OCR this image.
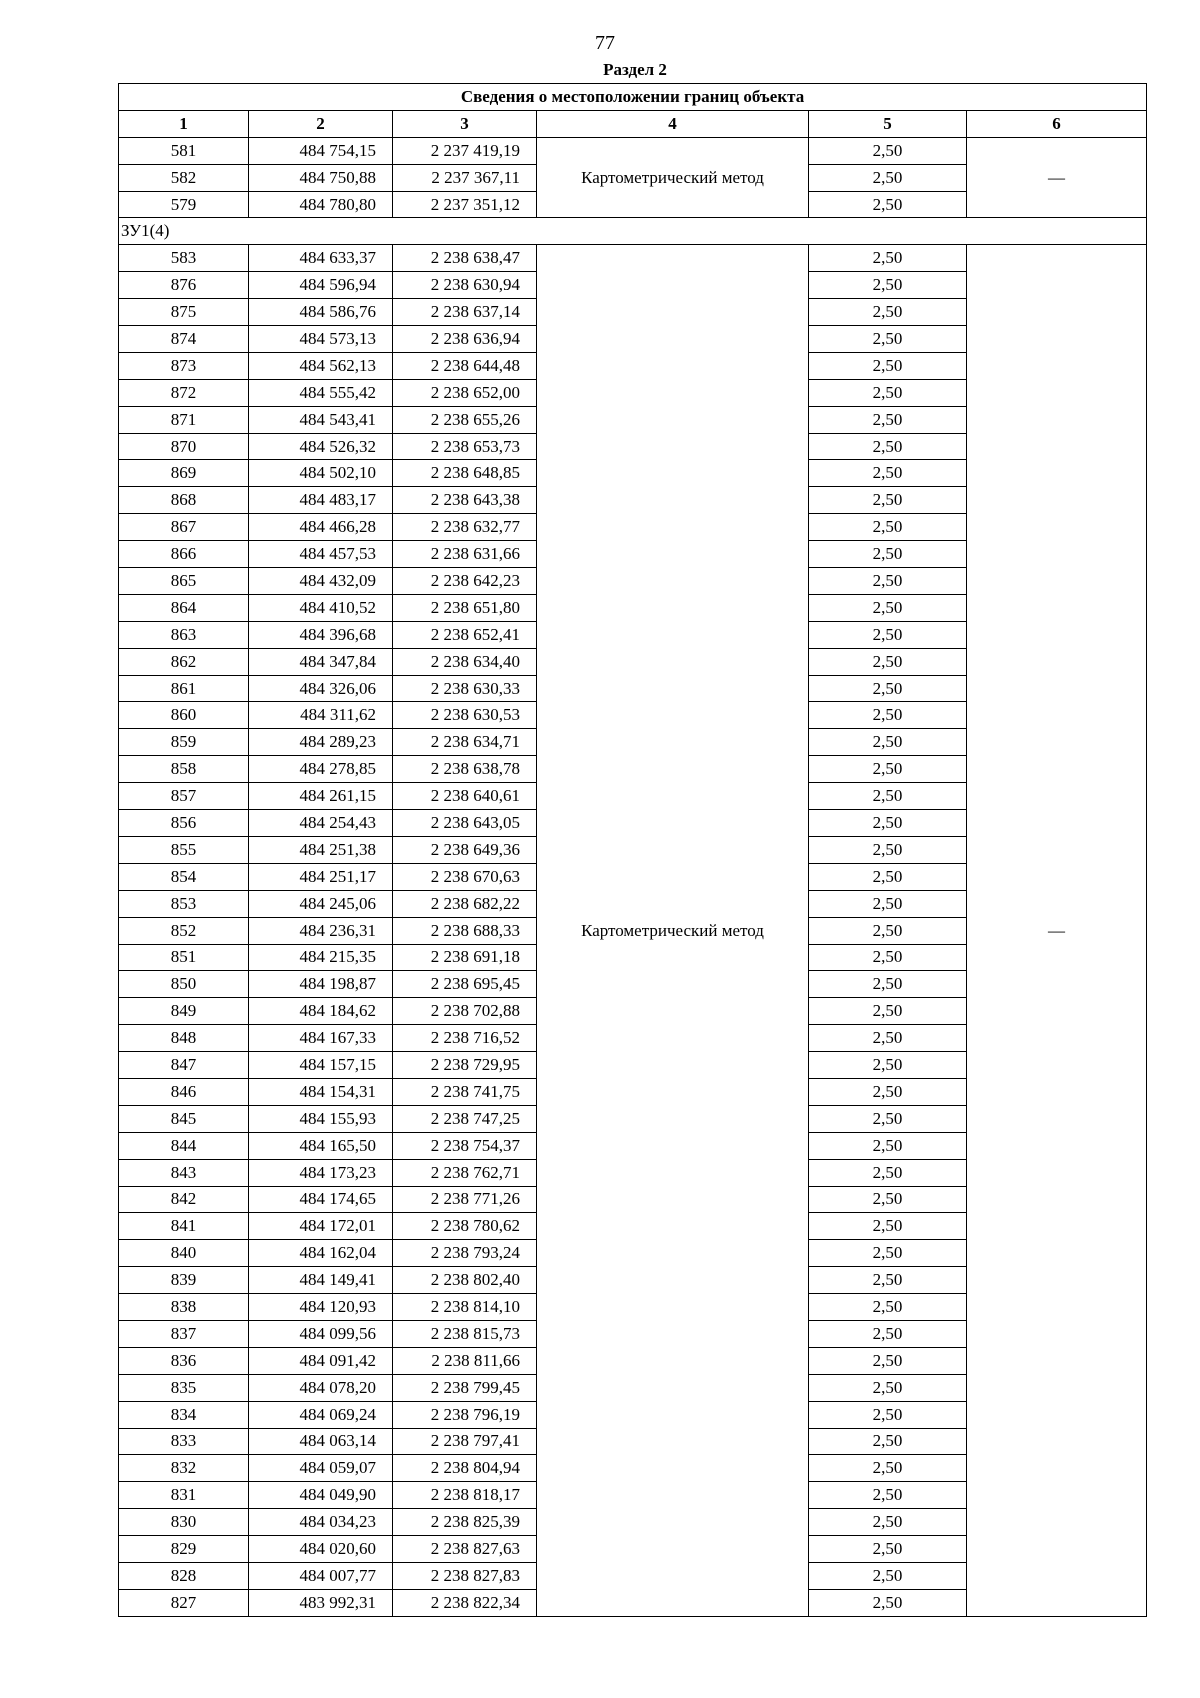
77
Раздел 2
Сведения о местоположении границ объекта					
1	2	3	4	5	6
581	484 754,15	2 237 419,19	Картометрический метод	2,50	—
582	484 750,88	2 237 367,11		2,50	
579	484 780,80	2 237 351,12		2,50	
ЗУ1(4)					
583	484 633,37	2 238 638,47	Картометрический метод	2,50	—
876	484 596,94	2 238 630,94		2,50	
875	484 586,76	2 238 637,14		2,50	
874	484 573,13	2 238 636,94		2,50	
873	484 562,13	2 238 644,48		2,50	
872	484 555,42	2 238 652,00		2,50	
871	484 543,41	2 238 655,26		2,50	
870	484 526,32	2 238 653,73		2,50	
869	484 502,10	2 238 648,85		2,50	
868	484 483,17	2 238 643,38		2,50	
867	484 466,28	2 238 632,77		2,50	
866	484 457,53	2 238 631,66		2,50	
865	484 432,09	2 238 642,23		2,50	
864	484 410,52	2 238 651,80		2,50	
863	484 396,68	2 238 652,41		2,50	
862	484 347,84	2 238 634,40		2,50	
861	484 326,06	2 238 630,33		2,50	
860	484 311,62	2 238 630,53		2,50	
859	484 289,23	2 238 634,71		2,50	
858	484 278,85	2 238 638,78		2,50	
857	484 261,15	2 238 640,61		2,50	
856	484 254,43	2 238 643,05		2,50	
855	484 251,38	2 238 649,36		2,50	
854	484 251,17	2 238 670,63		2,50	
853	484 245,06	2 238 682,22		2,50	
852	484 236,31	2 238 688,33		2,50	
851	484 215,35	2 238 691,18		2,50	
850	484 198,87	2 238 695,45		2,50	
849	484 184,62	2 238 702,88		2,50	
848	484 167,33	2 238 716,52		2,50	
847	484 157,15	2 238 729,95		2,50	
846	484 154,31	2 238 741,75		2,50	
845	484 155,93	2 238 747,25		2,50	
844	484 165,50	2 238 754,37		2,50	
843	484 173,23	2 238 762,71		2,50	
842	484 174,65	2 238 771,26		2,50	
841	484 172,01	2 238 780,62		2,50	
840	484 162,04	2 238 793,24		2,50	
839	484 149,41	2 238 802,40		2,50	
838	484 120,93	2 238 814,10		2,50	
837	484 099,56	2 238 815,73		2,50	
836	484 091,42	2 238 811,66		2,50	
835	484 078,20	2 238 799,45		2,50	
834	484 069,24	2 238 796,19		2,50	
833	484 063,14	2 238 797,41		2,50	
832	484 059,07	2 238 804,94		2,50	
831	484 049,90	2 238 818,17		2,50	
830	484 034,23	2 238 825,39		2,50	
829	484 020,60	2 238 827,63		2,50	
828	484 007,77	2 238 827,83		2,50	
827	483 992,31	2 238 822,34		2,50	
